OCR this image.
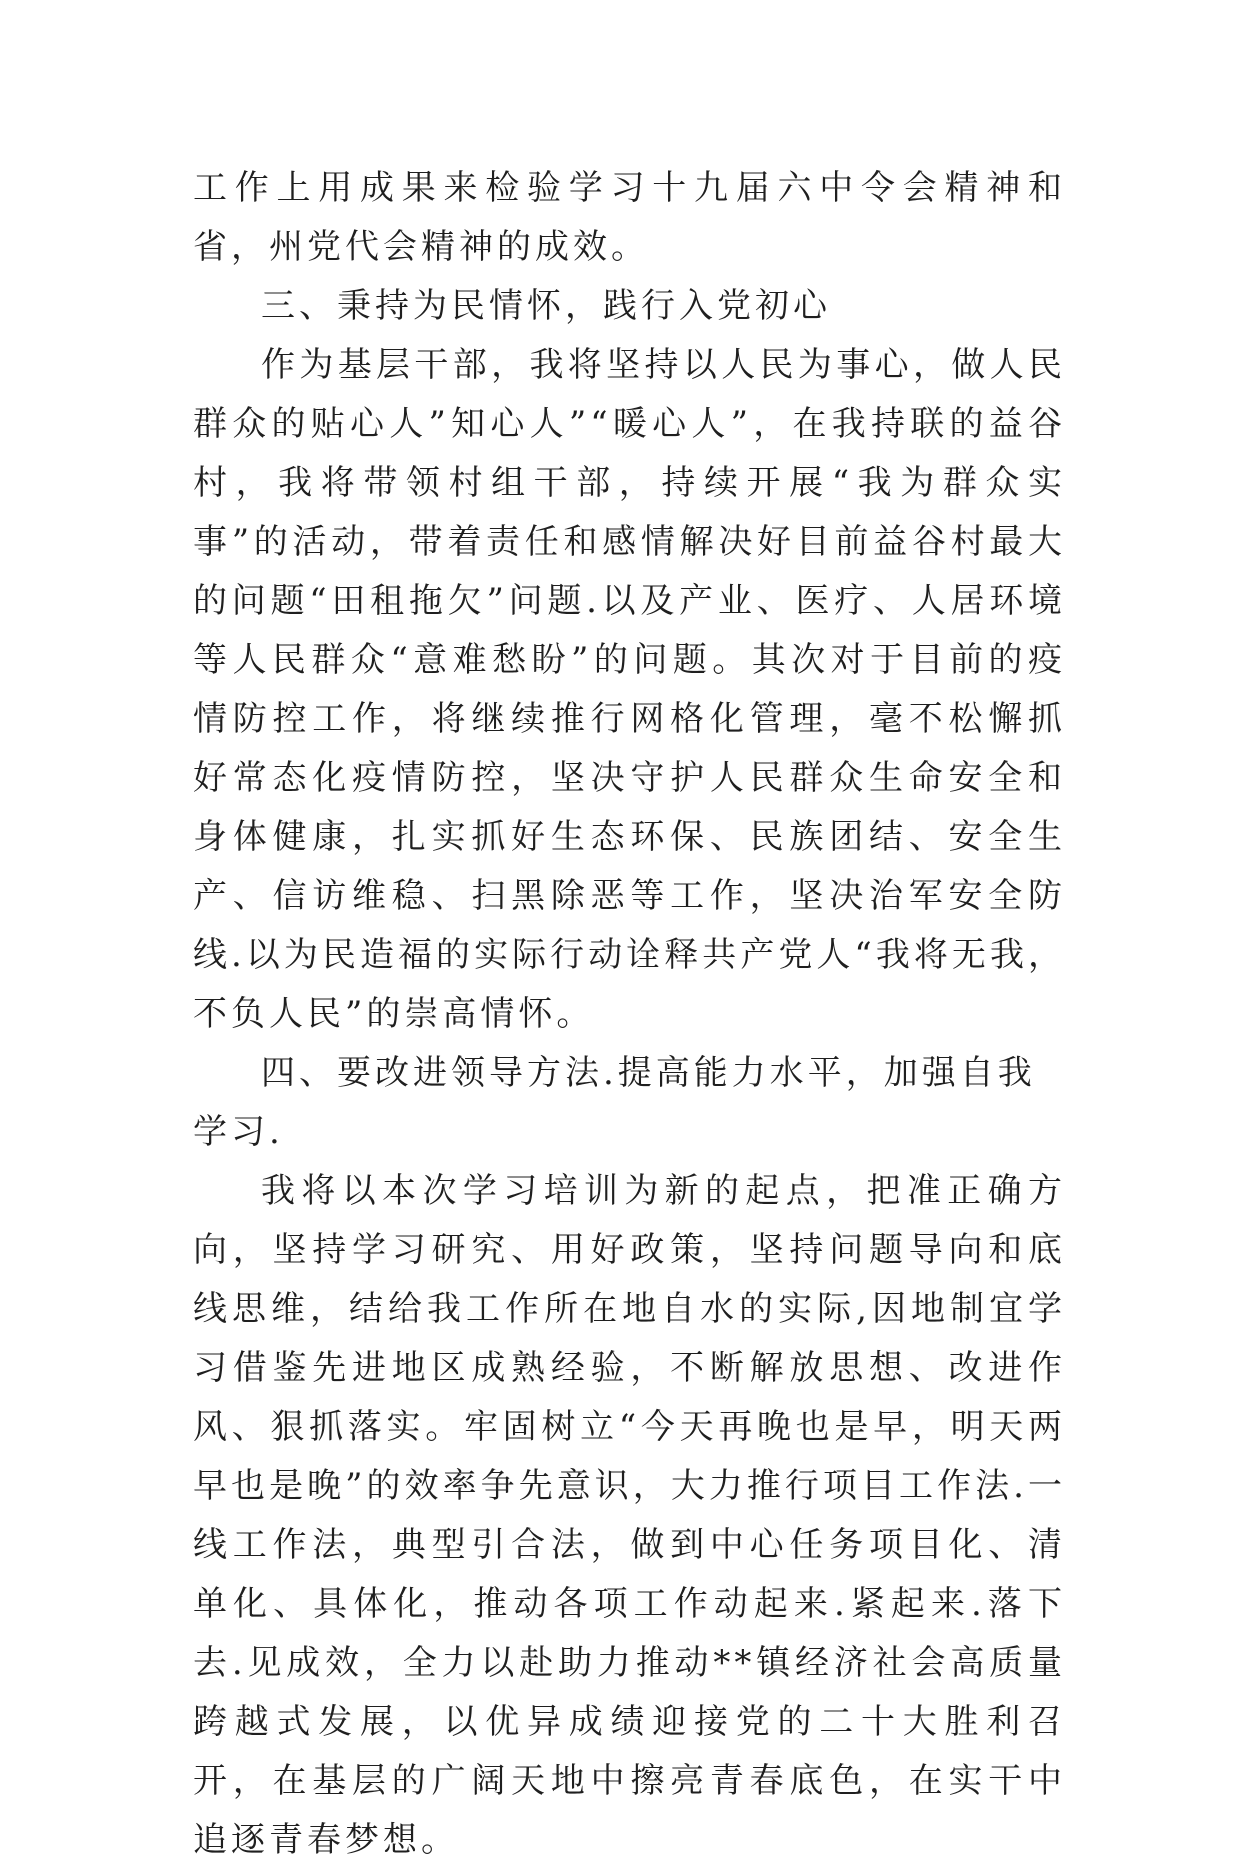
工作上用成果来检验学习十九届六中令会精神和省，州党代会精神的成效。

三、秉持为民情怀，践行入党初心

作为基层干部，我将坚持以人民为事心，做人民群众的贴心人”知心人”“暖心人”，在我持联的益谷村，我将带领村组干部，持续开展“我为群众实事”的活动，带着责任和感情解决好目前益谷村最大的问题“田租拖欠”问题.以及产业、医疗、人居环境等人民群众“意难愁盼”的问题。其次对于目前的疫情防控工作，将继续推行网格化管理，毫不松懈抓好常态化疫情防控，坚决守护人民群众生命安全和身体健康，扎实抓好生态环保、民族团结、安全生产、信访维稳、扫黑除恶等工作，坚决治军安全防线.以为民造福的实际行动诠释共产党人“我将无我，不负人民”的崇高情怀。

四、要改进领导方法.提高能力水平，加强自我学习.

我将以本次学习培训为新的起点，把准正确方向，坚持学习研究、用好政策，坚持问题导向和底线思维，结给我工作所在地自水的实际,因地制宜学习借鉴先进地区成熟经验，不断解放思想、改进作风、狠抓落实。牢固树立“今天再晚也是早，明天两早也是晚”的效率争先意识，大力推行项目工作法.一线工作法，典型引合法，做到中心任务项目化、清单化、具体化，推动各项工作动起来.紧起来.落下去.见成效，全力以赴助力推动**镇经济社会高质量跨越式发展，以优异成绩迎接党的二十大胜利召开，在基层的广阔天地中擦亮青春底色，在实干中追逐青春梦想。
